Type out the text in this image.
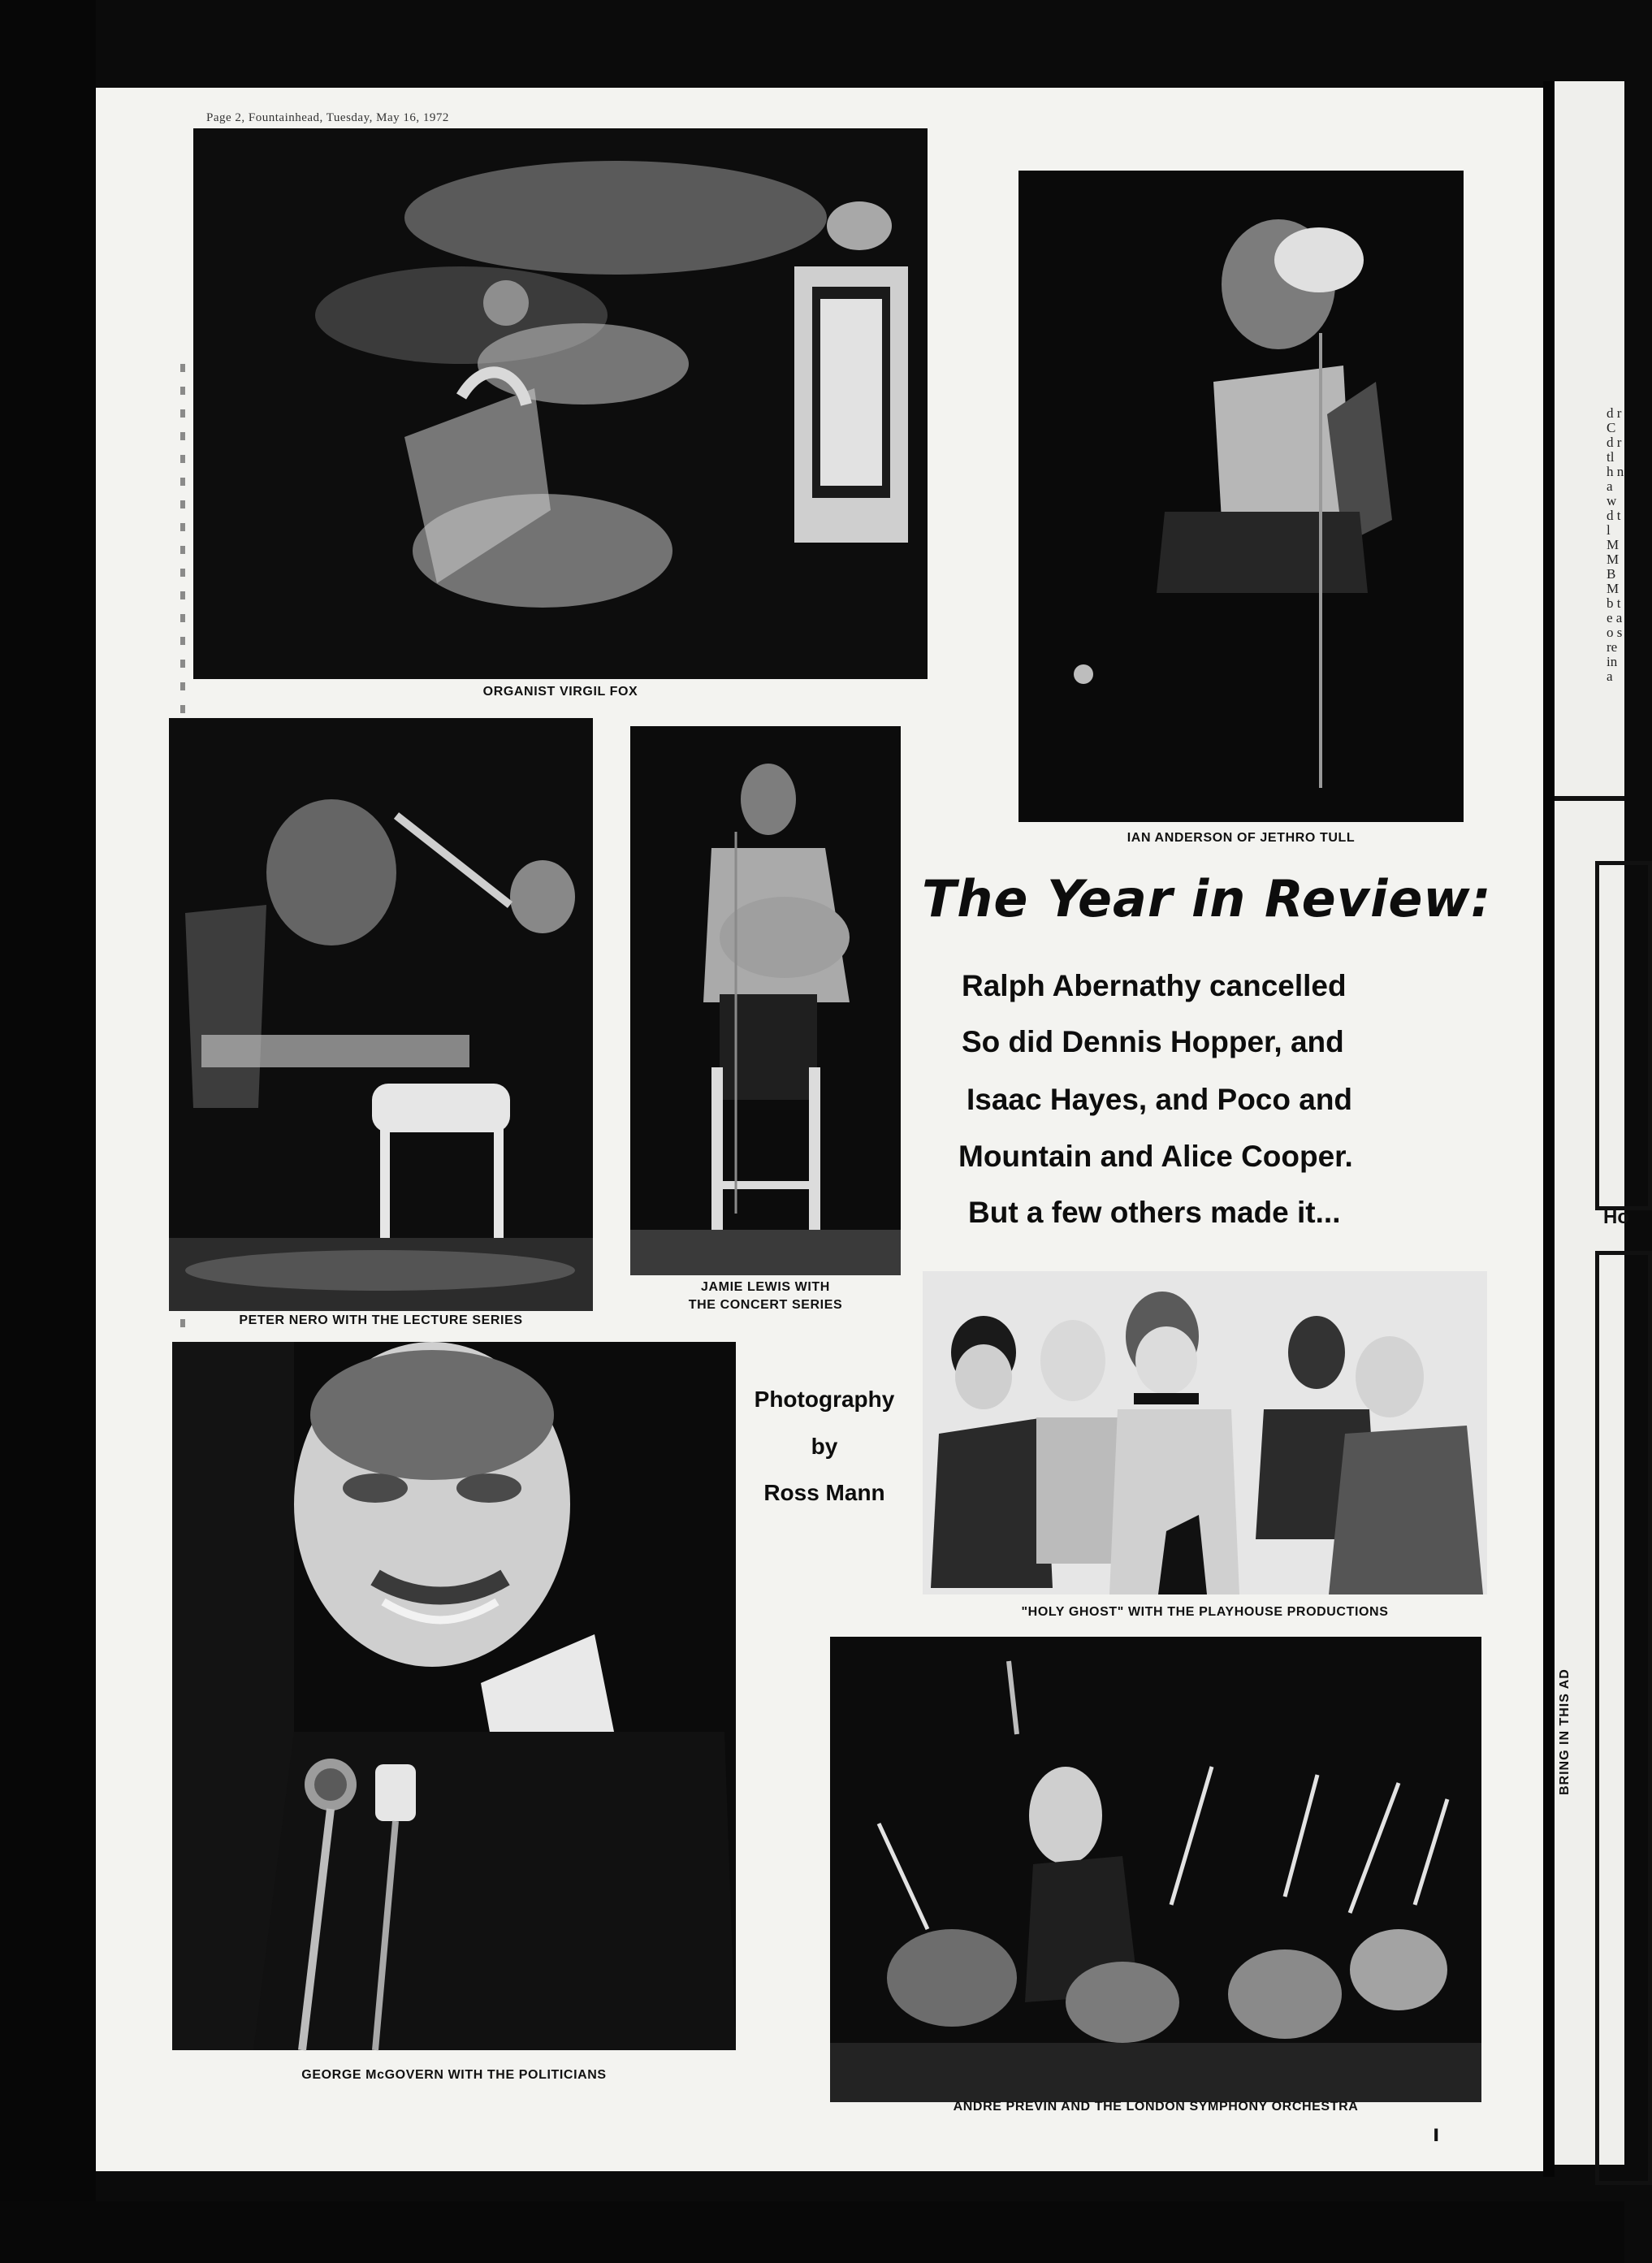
Page 2, Fountainhead, Tuesday, May 16, 1972
ORGANIST VIRGIL FOX
IAN ANDERSON OF JETHRO TULL
PETER NERO WITH THE LECTURE SERIES
JAMIE LEWIS WITH
THE CONCERT SERIES
The Year in Review:
Ralph Abernathy cancelled
So did Dennis Hopper, and
Isaac Hayes, and Poco and
Mountain and Alice Cooper.
But a few others made it...
Photography
by
Ross Mann
GEORGE McGOVERN WITH THE POLITICIANS
"HOLY GHOST" WITH THE PLAYHOUSE PRODUCTIONS
ANDRE PREVIN AND THE LONDON SYMPHONY ORCHESTRA
ı
d r C d r tl h n a w d tl M M B M b te a o s re in a
Ho
BRING IN THIS AD
